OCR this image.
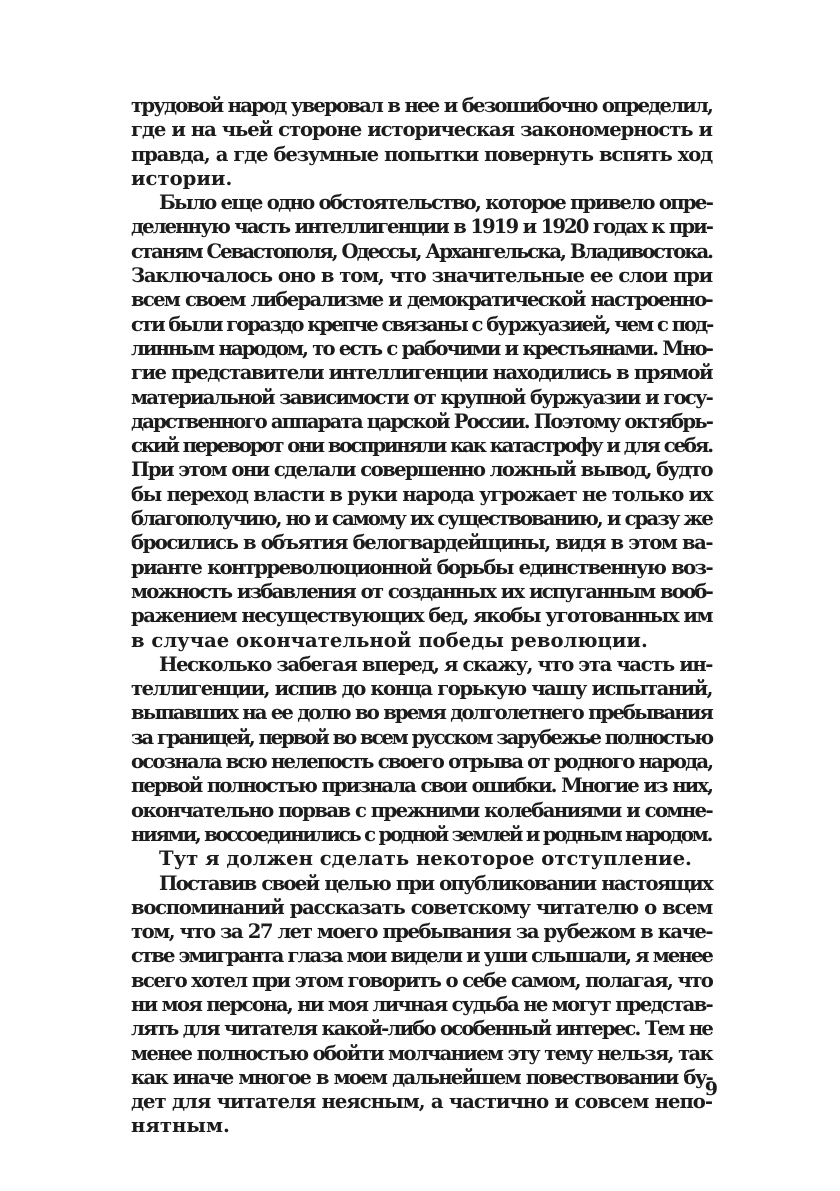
трудовой народ уверовал в нее и безошибочно определил,
где и на чьей стороне историческая закономерность и
правда, а где безумные попытки повернуть вспять ход
истории.
Было еще одно обстоятельство, которое привело опре-
деленную часть интеллигенции в 1919 и 1920 годах к при-
станям Севастополя, Одессы, Архангельска, Владивостока.
Заключалось оно в том, что значительные ее слои при
всем своем либерализме и демократической настроенно-
сти были гораздо крепче связаны с буржуазией, чем с под-
линным народом, то есть с рабочими и крестьянами. Мно-
гие представители интеллигенции находились в прямой
материальной зависимости от крупной буржуазии и госу-
дарственного аппарата царской России. Поэтому октябрь-
ский переворот они восприняли как катастрофу и для себя.
При этом они сделали совершенно ложный вывод, будто
бы переход власти в руки народа угрожает не только их
благополучию, но и самому их существованию, и сразу же
бросились в объятия белогвардейщины, видя в этом ва-
рианте контрреволюционной борьбы единственную воз-
можность избавления от созданных их испуганным вооб-
ражением несуществующих бед, якобы уготованных им
в случае окончательной победы революции.
Несколько забегая вперед, я скажу, что эта часть ин-
теллигенции, испив до конца горькую чашу испытаний,
выпавших на ее долю во время долголетнего пребывания
за границей, первой во всем русском зарубежье полностью
осознала всю нелепость своего отрыва от родного народа,
первой полностью признала свои ошибки. Многие из них,
окончательно порвав с прежними колебаниями и сомне-
ниями, воссоединились с родной землей и родным народом.
Тут я должен сделать некоторое отступление.
Поставив своей целью при опубликовании настоящих
воспоминаний рассказать советскому читателю о всем
том, что за 27 лет моего пребывания за рубежом в каче-
стве эмигранта глаза мои видели и уши слышали, я менее
всего хотел при этом говорить о себе самом, полагая, что
ни моя персона, ни моя личная судьба не могут представ-
лять для читателя какой-либо особенный интерес. Тем не
менее полностью обойти молчанием эту тему нельзя, так
как иначе многое в моем дальнейшем повествовании бу-
дет для читателя неясным, а частично и совсем непо-
нятным.
9
